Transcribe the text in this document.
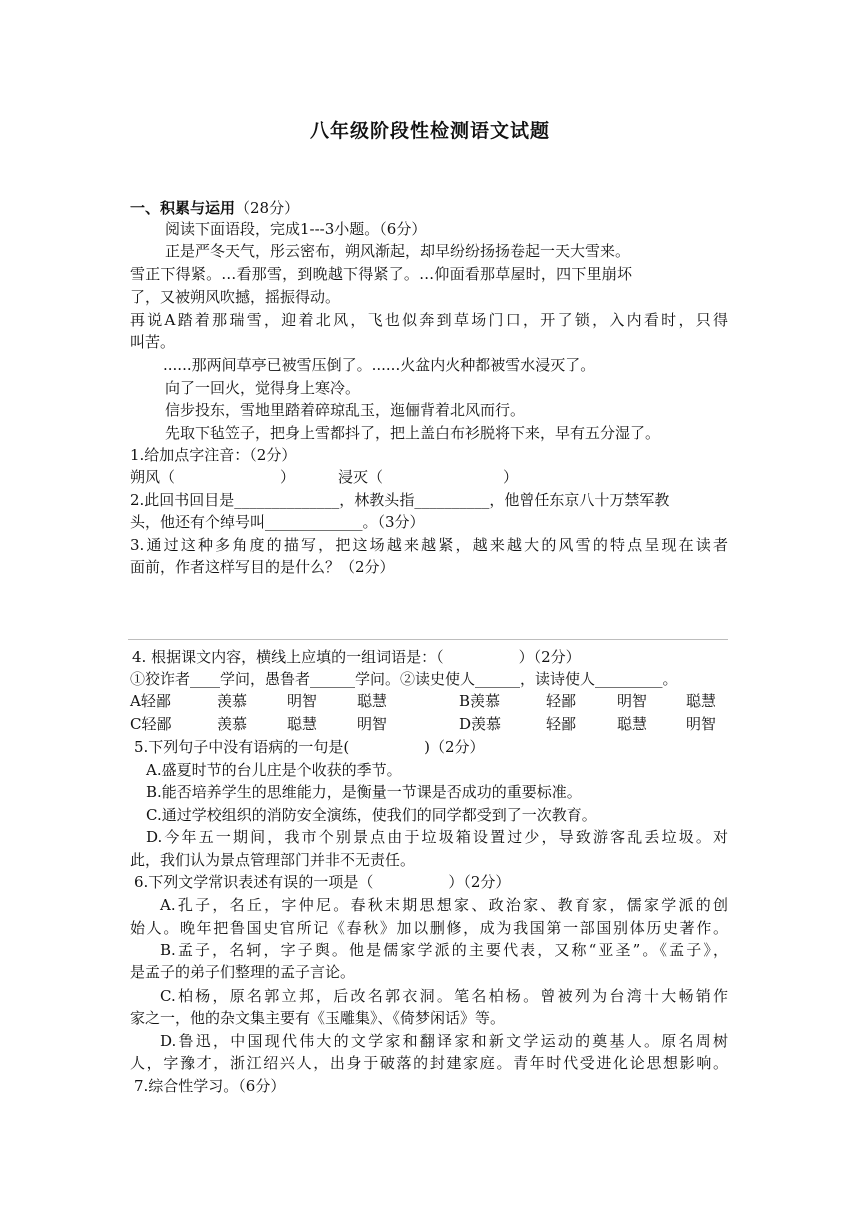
八年级阶段性检测语文试题
一、积累与运用（28分）
阅读下面语段，完成1---3小题。（6分）
正是严冬天气，彤云密布，朔风渐起，却早纷纷扬扬卷起一天大雪来。
雪正下得紧。…看那雪，到晚越下得紧了。…仰面看那草屋时，四下里崩坏
了，又被朔风吹撼，摇振得动。
再说A踏着那瑞雪，迎着北风，飞也似奔到草场门口，开了锁，入内看时，只得
叫苦。
......那两间草亭已被雪压倒了。......火盆内火种都被雪水浸灭了。
向了一回火，觉得身上寒冷。
信步投东，雪地里踏着碎琼乱玉，迤俪背着北风而行。
先取下毡笠子，把身上雪都抖了，把上盖白布衫脱将下来，早有五分湿了。
1.给加点字注音：（2分）
朔风（	）	浸灭（	）
2.此回书回目是______________，林教头指__________，他曾任东京八十万禁军教
头，他还有个绰号叫_____________。（3分）
3.通过这种多角度的描写，把这场越来越紧，越来越大的风雪的特点呈现在读者
面前，作者这样写目的是什么？（2分）
4. 根据课文内容，横线上应填的一组词语是：（　　　　　）（2分）
①狡诈者____学问，愚鲁者______学问。②读史使人______，读诗使人_________。
A轻鄙	羡慕	明智	聪慧	B羡慕	轻鄙	明智	聪慧
C轻鄙	羡慕	聪慧	明智	D羡慕	轻鄙	聪慧	明智
5.下列句子中没有语病的一句是(　　　　　)（2分）
A.盛夏时节的台儿庄是个收获的季节。
B.能否培养学生的思维能力，是衡量一节课是否成功的重要标准。
C.通过学校组织的消防安全演练，使我们的同学都受到了一次教育。
D.今年五一期间，我市个别景点由于垃圾箱设置过少，导致游客乱丢垃圾。对
此，我们认为景点管理部门并非不无责任。
6.下列文学常识表述有误的一项是（　　　　　）（2分）
A.孔子，名丘，字仲尼。春秋末期思想家、政治家、教育家，儒家学派的创
始人。晚年把鲁国史官所记《春秋》加以删修，成为我国第一部国别体历史著作。
B.孟子，名轲，字子舆。他是儒家学派的主要代表，又称“亚圣”。《孟子》，
是孟子的弟子们整理的孟子言论。
C.柏杨，原名郭立邦，后改名郭衣洞。笔名柏杨。曾被列为台湾十大畅销作
家之一，他的杂文集主要有《玉雕集》、《倚梦闲话》等。
D.鲁迅，中国现代伟大的文学家和翻译家和新文学运动的奠基人。原名周树
人，字豫才，浙江绍兴人，出身于破落的封建家庭。青年时代受进化论思想影响。
7.综合性学习。（6分）
